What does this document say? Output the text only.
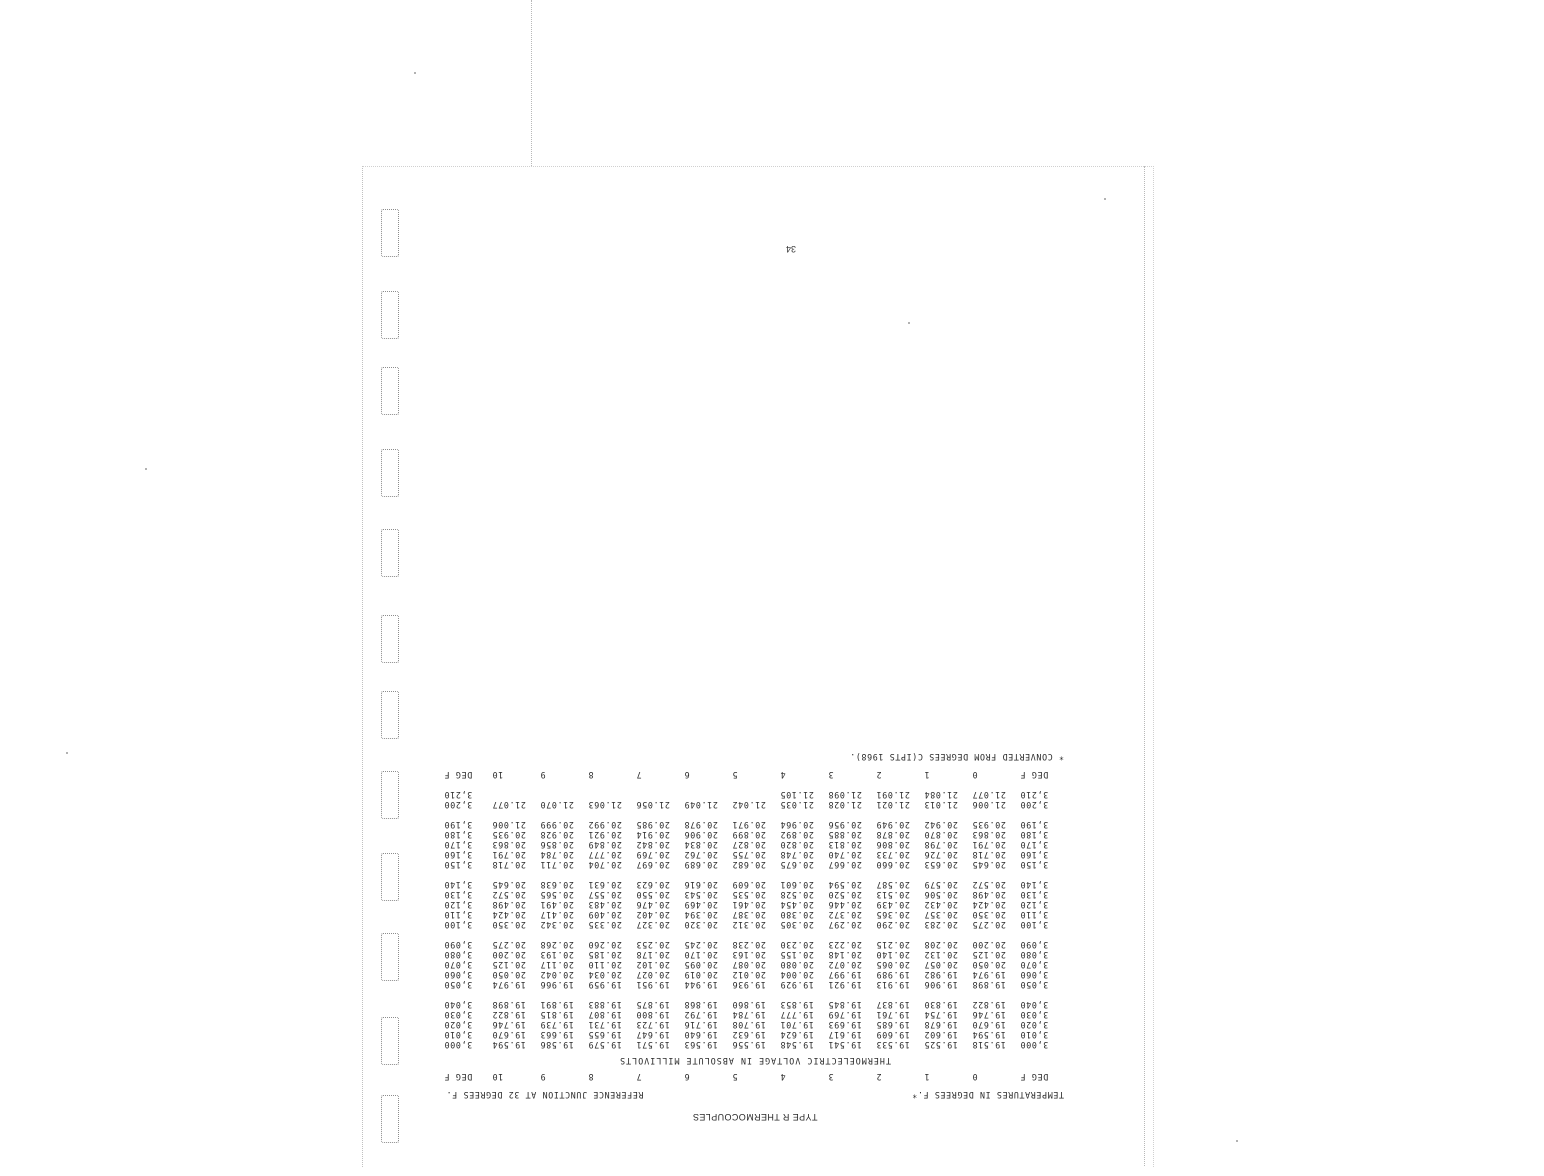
34
TYPE R THERMOCOUPLES
TEMPERATURES IN DEGREES F.*
REFERENCE JUNCTION AT 32 DEGREES F.
DEG F
0
1
2
3
4
5
6
7
8
9
10
DEG F
THERMOELECTRIC VOLTAGE IN ABSOLUTE MILLIVOLTS
3,000
19.518
19.525
19.533
19.541
19.548
19.556
19.563
19.571
19.579
19.586
19.594
3,000
3,010
19.594
19.602
19.609
19.617
19.624
19.632
19.640
19.647
19.655
19.663
19.670
3,010
3,020
19.670
19.678
19.685
19.693
19.701
19.708
19.716
19.723
19.731
19.739
19.746
3,020
3,030
19.746
19.754
19.761
19.769
19.777
19.784
19.792
19.800
19.807
19.815
19.822
3,030
3,040
19.822
19.830
19.837
19.845
19.853
19.860
19.868
19.875
19.883
19.891
19.898
3,040
3,050
19.898
19.906
19.913
19.921
19.929
19.936
19.944
19.951
19.959
19.966
19.974
3,050
3,060
19.974
19.982
19.989
19.997
20.004
20.012
20.019
20.027
20.034
20.042
20.050
3,060
3,070
20.050
20.057
20.065
20.072
20.080
20.087
20.095
20.102
20.110
20.117
20.125
3,070
3,080
20.125
20.132
20.140
20.148
20.155
20.163
20.170
20.178
20.185
20.193
20.200
3,080
3,090
20.200
20.208
20.215
20.223
20.230
20.238
20.245
20.253
20.260
20.268
20.275
3,090
3,100
20.275
20.283
20.290
20.297
20.305
20.312
20.320
20.327
20.335
20.342
20.350
3,100
3,110
20.350
20.357
20.365
20.372
20.380
20.387
20.394
20.402
20.409
20.417
20.424
3,110
3,120
20.424
20.432
20.439
20.446
20.454
20.461
20.469
20.476
20.483
20.491
20.498
3,120
3,130
20.498
20.506
20.513
20.520
20.528
20.535
20.543
20.550
20.557
20.565
20.572
3,130
3,140
20.572
20.579
20.587
20.594
20.601
20.609
20.616
20.623
20.631
20.638
20.645
3,140
3,150
20.645
20.653
20.660
20.667
20.675
20.682
20.689
20.697
20.704
20.711
20.718
3,150
3,160
20.718
20.726
20.733
20.740
20.748
20.755
20.762
20.769
20.777
20.784
20.791
3,160
3,170
20.791
20.798
20.806
20.813
20.820
20.827
20.834
20.842
20.849
20.856
20.863
3,170
3,180
20.863
20.870
20.878
20.885
20.892
20.899
20.906
20.914
20.921
20.928
20.935
3,180
3,190
20.935
20.942
20.949
20.956
20.964
20.971
20.978
20.985
20.992
20.999
21.006
3,190
3,200
21.006
21.013
21.021
21.028
21.035
21.042
21.049
21.056
21.063
21.070
21.077
3,200
3,210
21.077
21.084
21.091
21.098
21.105
3,210
DEG F
0
1
2
3
4
5
6
7
8
9
10
DEG F
* CONVERTED FROM DEGREES C(IPTS 1968).
